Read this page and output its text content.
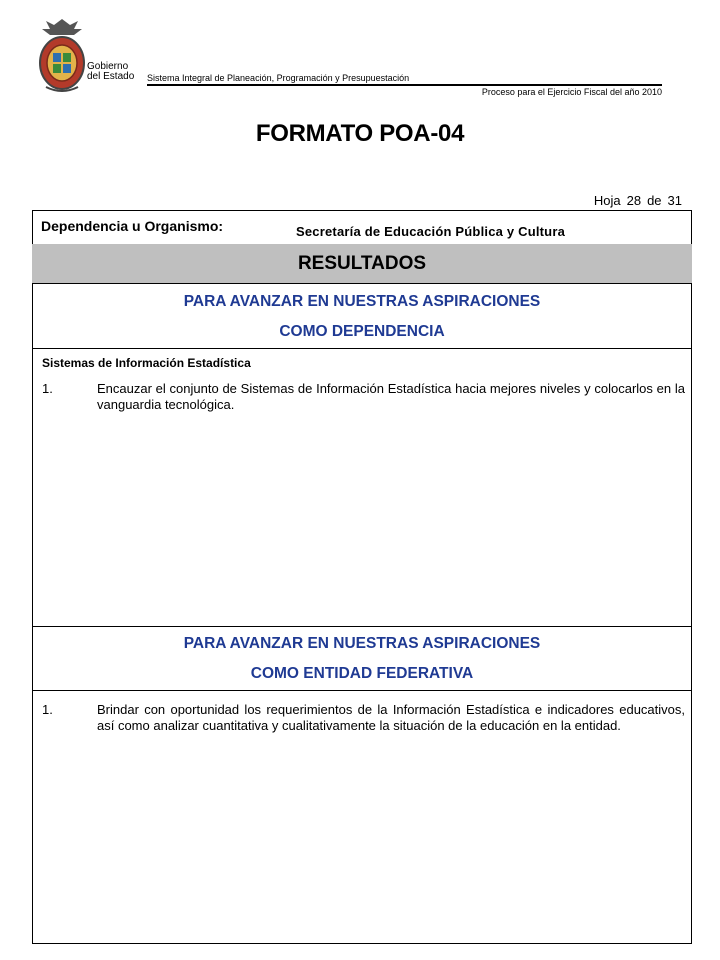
Gobierno
del Estado Sistema Integral de Planeación, Programación y Presupuestación
Proceso para el Ejercicio Fiscal del año 2010
FORMATO POA-04
Hoja 28 de 31
Dependencia u Organismo:	Secretaría de Educación Pública y Cultura
RESULTADOS
PARA AVANZAR EN NUESTRAS ASPIRACIONES
COMO DEPENDENCIA
Sistemas de Información Estadística
1.	Encauzar el conjunto de Sistemas de Información Estadística hacia mejores niveles y colocarlos en la vanguardia tecnológica.
PARA AVANZAR EN NUESTRAS ASPIRACIONES
COMO ENTIDAD FEDERATIVA
1.	Brindar con oportunidad los requerimientos de la Información Estadística e indicadores educativos, así como analizar cuantitativa y cualitativamente la situación de la educación en la entidad.
